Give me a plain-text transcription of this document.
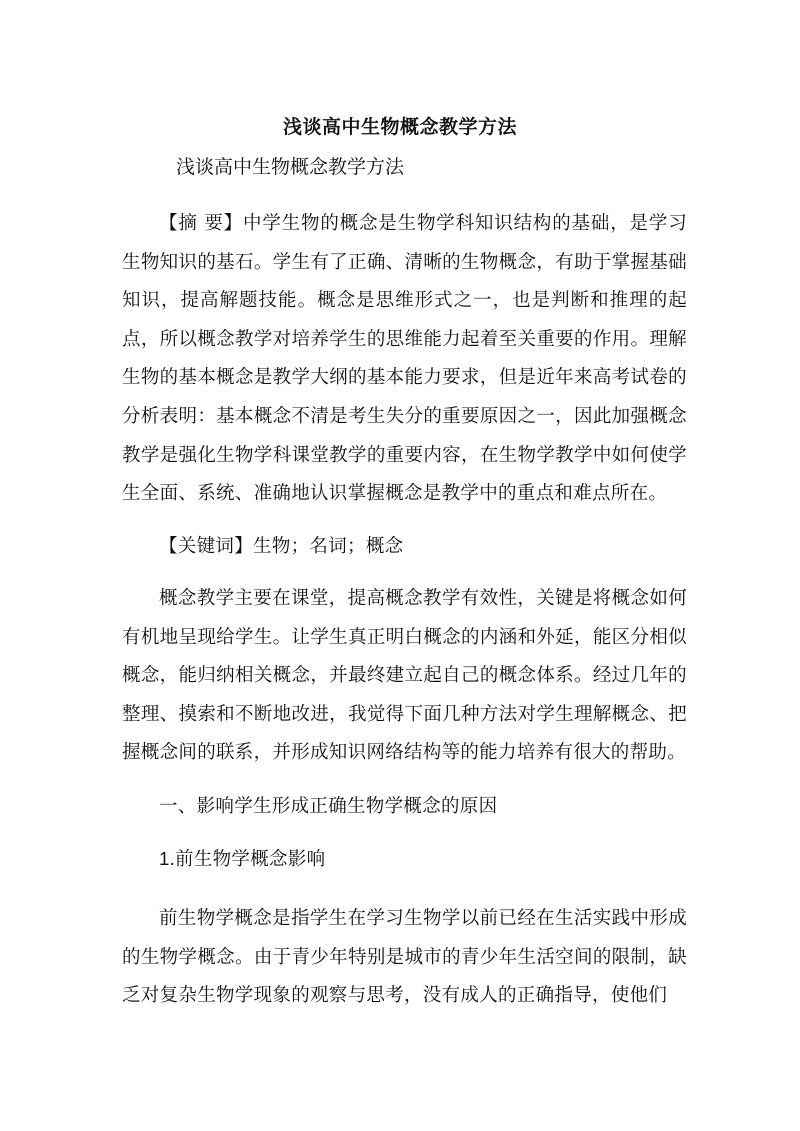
浅谈高中生物概念教学方法
浅谈高中生物概念教学方法

【摘 要】中学生物的概念是生物学科知识结构的基础，是学习生物知识的基石。学生有了正确、清晰的生物概念，有助于掌握基础知识，提高解题技能。概念是思维形式之一，也是判断和推理的起点，所以概念教学对培养学生的思维能力起着至关重要的作用。理解生物的基本概念是教学大纲的基本能力要求，但是近年来高考试卷的分析表明：基本概念不清是考生失分的重要原因之一，因此加强概念教学是强化生物学科课堂教学的重要内容，在生物学教学中如何使学生全面、系统、准确地认识掌握概念是教学中的重点和难点所在。

【关键词】生物；名词；概念

概念教学主要在课堂，提高概念教学有效性，关键是将概念如何有机地呈现给学生。让学生真正明白概念的内涵和外延，能区分相似概念，能归纳相关概念，并最终建立起自己的概念体系。经过几年的整理、摸索和不断地改进，我觉得下面几种方法对学生理解概念、把握概念间的联系，并形成知识网络结构等的能力培养有很大的帮助。

一、影响学生形成正确生物学概念的原因

1.前生物学概念影响

前生物学概念是指学生在学习生物学以前已经在生活实践中形成的生物学概念。由于青少年特别是城市的青少年生活空间的限制，缺乏对复杂生物学现象的观察与思考，没有成人的正确指导，使他们
